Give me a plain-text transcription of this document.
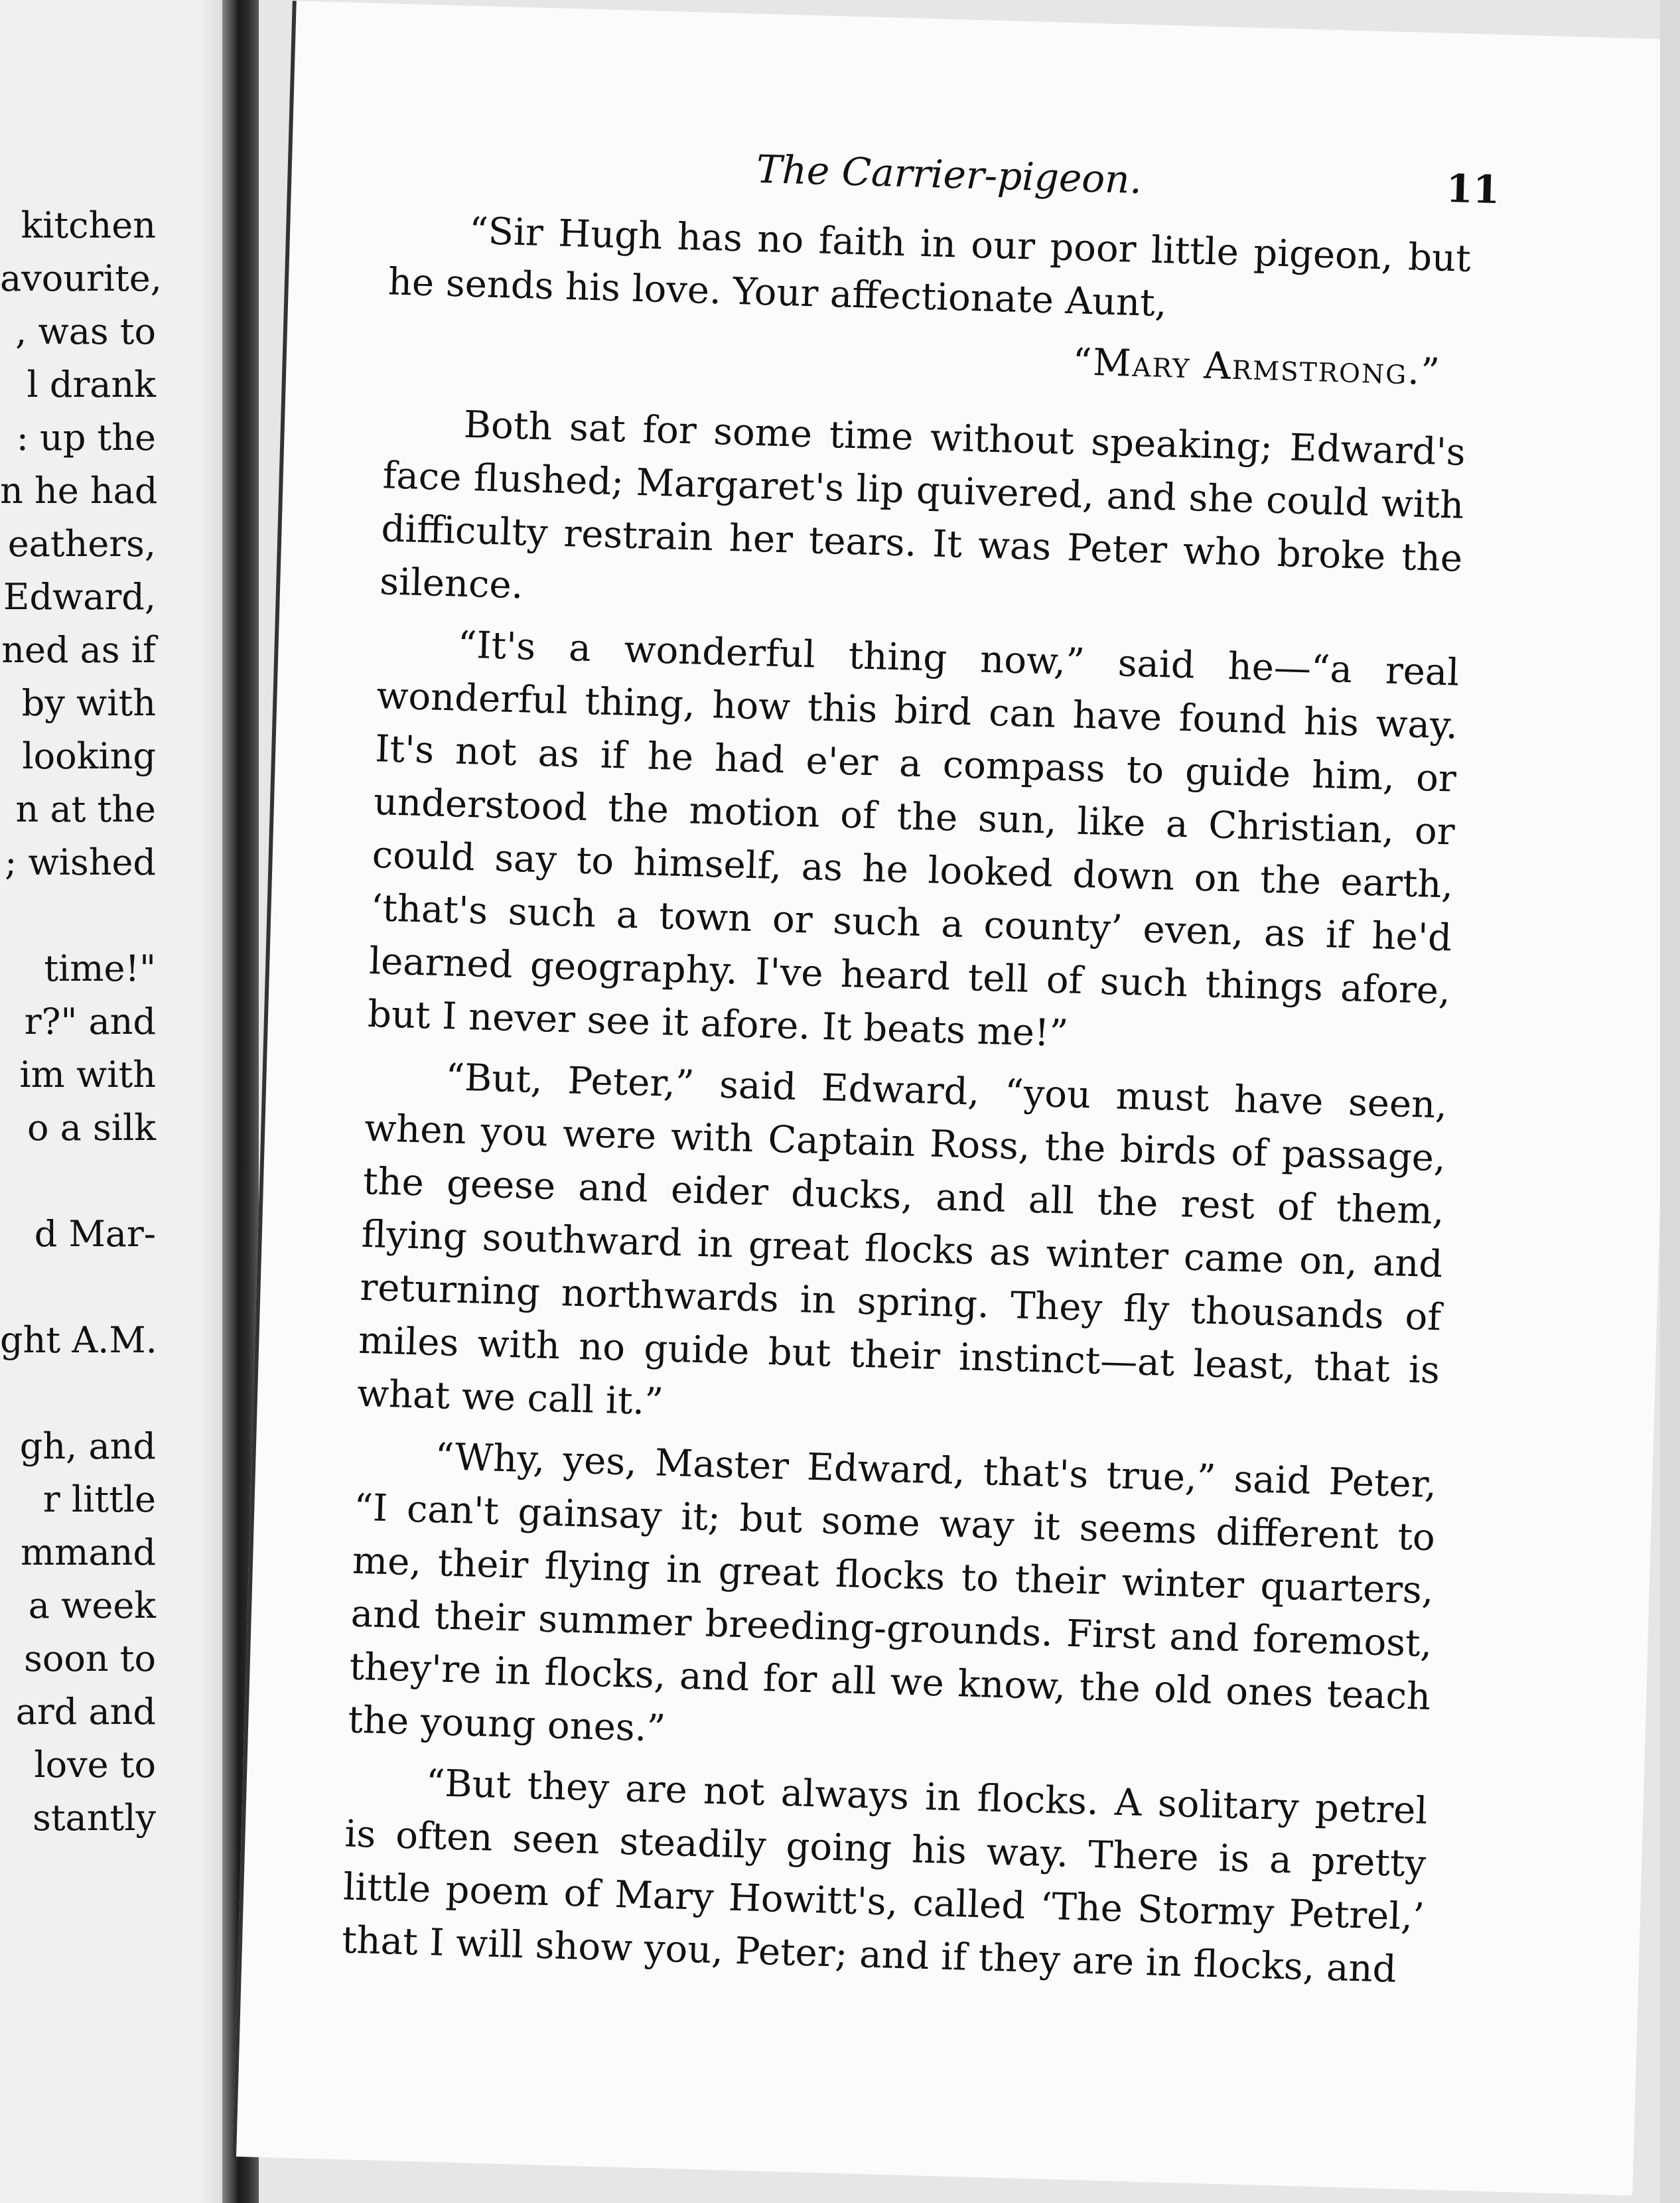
kitchen
avourite,
, was to
l drank
: up the
n he had
eathers,
Edward,
ned as if
by with
looking
n at the
; wished

time!"
r?" and
im with
o a silk

d Mar-

ght A.M.

gh, and
r little
mmand
a week
soon to
ard and
love to
stantly
The Carrier-pigeon.	11

“Sir Hugh has no faith in our poor little pigeon, but he sends his love. Your affectionate Aunt,

“Mary Armstrong.”

Both sat for some time without speaking; Edward's face flushed; Margaret's lip quivered, and she could with difficulty restrain her tears. It was Peter who broke the silence.

“It's a wonderful thing now,” said he—“a real wonderful thing, how this bird can have found his way. It's not as if he had e'er a compass to guide him, or understood the motion of the sun, like a Christian, or could say to himself, as he looked down on the earth, ‘that's such a town or such a county’ even, as if he'd learned geography. I've heard tell of such things afore, but I never see it afore. It beats me!”

“But, Peter,” said Edward, “you must have seen, when you were with Captain Ross, the birds of passage, the geese and eider ducks, and all the rest of them, flying southward in great flocks as winter came on, and returning northwards in spring. They fly thousands of miles with no guide but their instinct—at least, that is what we call it.”

“Why, yes, Master Edward, that's true,” said Peter, “I can't gainsay it; but some way it seems different to me, their flying in great flocks to their winter quarters, and their summer breeding-grounds. First and foremost, they're in flocks, and for all we know, the old ones teach the young ones.”

“But they are not always in flocks. A solitary petrel is often seen steadily going his way. There is a pretty little poem of Mary Howitt's, called ‘The Stormy Petrel,’ that I will show you, Peter; and if they are in flocks, and
